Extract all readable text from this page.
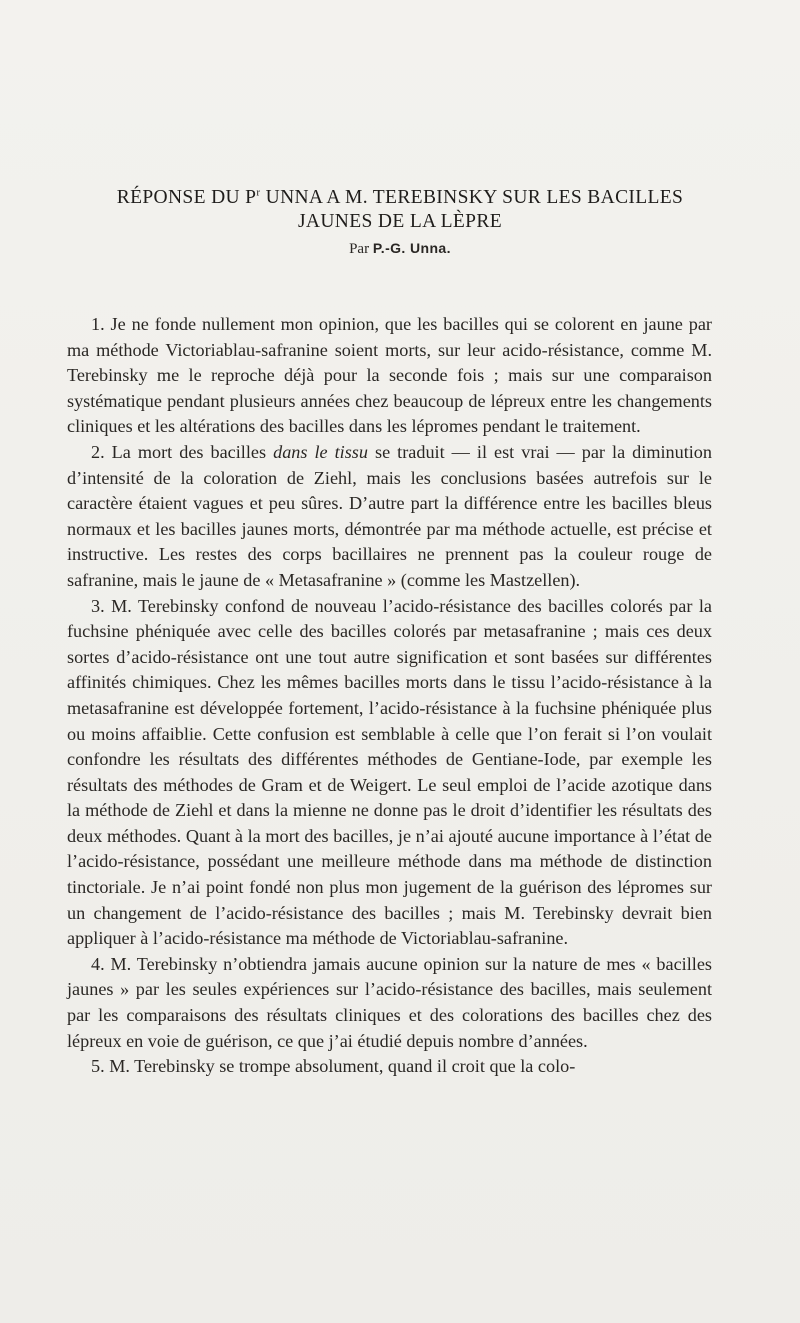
RÉPONSE DU $P^r$ UNNA A M. TEREBINSKY SUR LES BACILLES
JAUNES DE LA LÈPRE
Par P.-G. Unna.

1. Je ne fonde nullement mon opinion, que les bacilles qui se colorent en jaune par ma méthode Victoriablau-safranine soient morts, sur leur acido-résistance, comme M. Terebinsky me le reproche déjà pour la seconde fois ; mais sur une comparaison systématique pendant plusieurs années chez beaucoup de lépreux entre les changements cliniques et les altérations des bacilles dans les lépromes pendant le traitement.

2. La mort des bacilles dans le tissu se traduit — il est vrai — par la diminution d’intensité de la coloration de Ziehl, mais les conclusions basées autrefois sur le caractère étaient vagues et peu sûres. D’autre part la différence entre les bacilles bleus normaux et les bacilles jaunes morts, démontrée par ma méthode actuelle, est précise et instructive. Les restes des corps bacillaires ne prennent pas la couleur rouge de safranine, mais le jaune de « Metasafranine » (comme les Mastzellen).

3. M. Terebinsky confond de nouveau l’acido-résistance des bacilles colorés par la fuchsine phéniquée avec celle des bacilles colorés par metasafranine ; mais ces deux sortes d’acido-résistance ont une tout autre signification et sont basées sur différentes affinités chimiques. Chez les mêmes bacilles morts dans le tissu l’acido-résistance à la metasafranine est développée fortement, l’acido-résistance à la fuchsine phéniquée plus ou moins affaiblie. Cette confusion est semblable à celle que l’on ferait si l’on voulait confondre les résultats des différentes méthodes de Gentiane-Iode, par exemple les résultats des méthodes de Gram et de Weigert. Le seul emploi de l’acide azotique dans la méthode de Ziehl et dans la mienne ne donne pas le droit d’identifier les résultats des deux méthodes. Quant à la mort des bacilles, je n’ai ajouté aucune importance à l’état de l’acido-résistance, possédant une meilleure méthode dans ma méthode de distinction tinctoriale. Je n’ai point fondé non plus mon jugement de la guérison des lépromes sur un changement de l’acido-résistance des bacilles ; mais M. Terebinsky devrait bien appliquer à l’acido-résistance ma méthode de Victoriablau-safranine.

4. M. Terebinsky n’obtiendra jamais aucune opinion sur la nature de mes « bacilles jaunes » par les seules expériences sur l’acido-résistance des bacilles, mais seulement par les comparaisons des résultats cliniques et des colorations des bacilles chez des lépreux en voie de guérison, ce que j’ai étudié depuis nombre d’années.

5. M. Terebinsky se trompe absolument, quand il croit que la colo-
